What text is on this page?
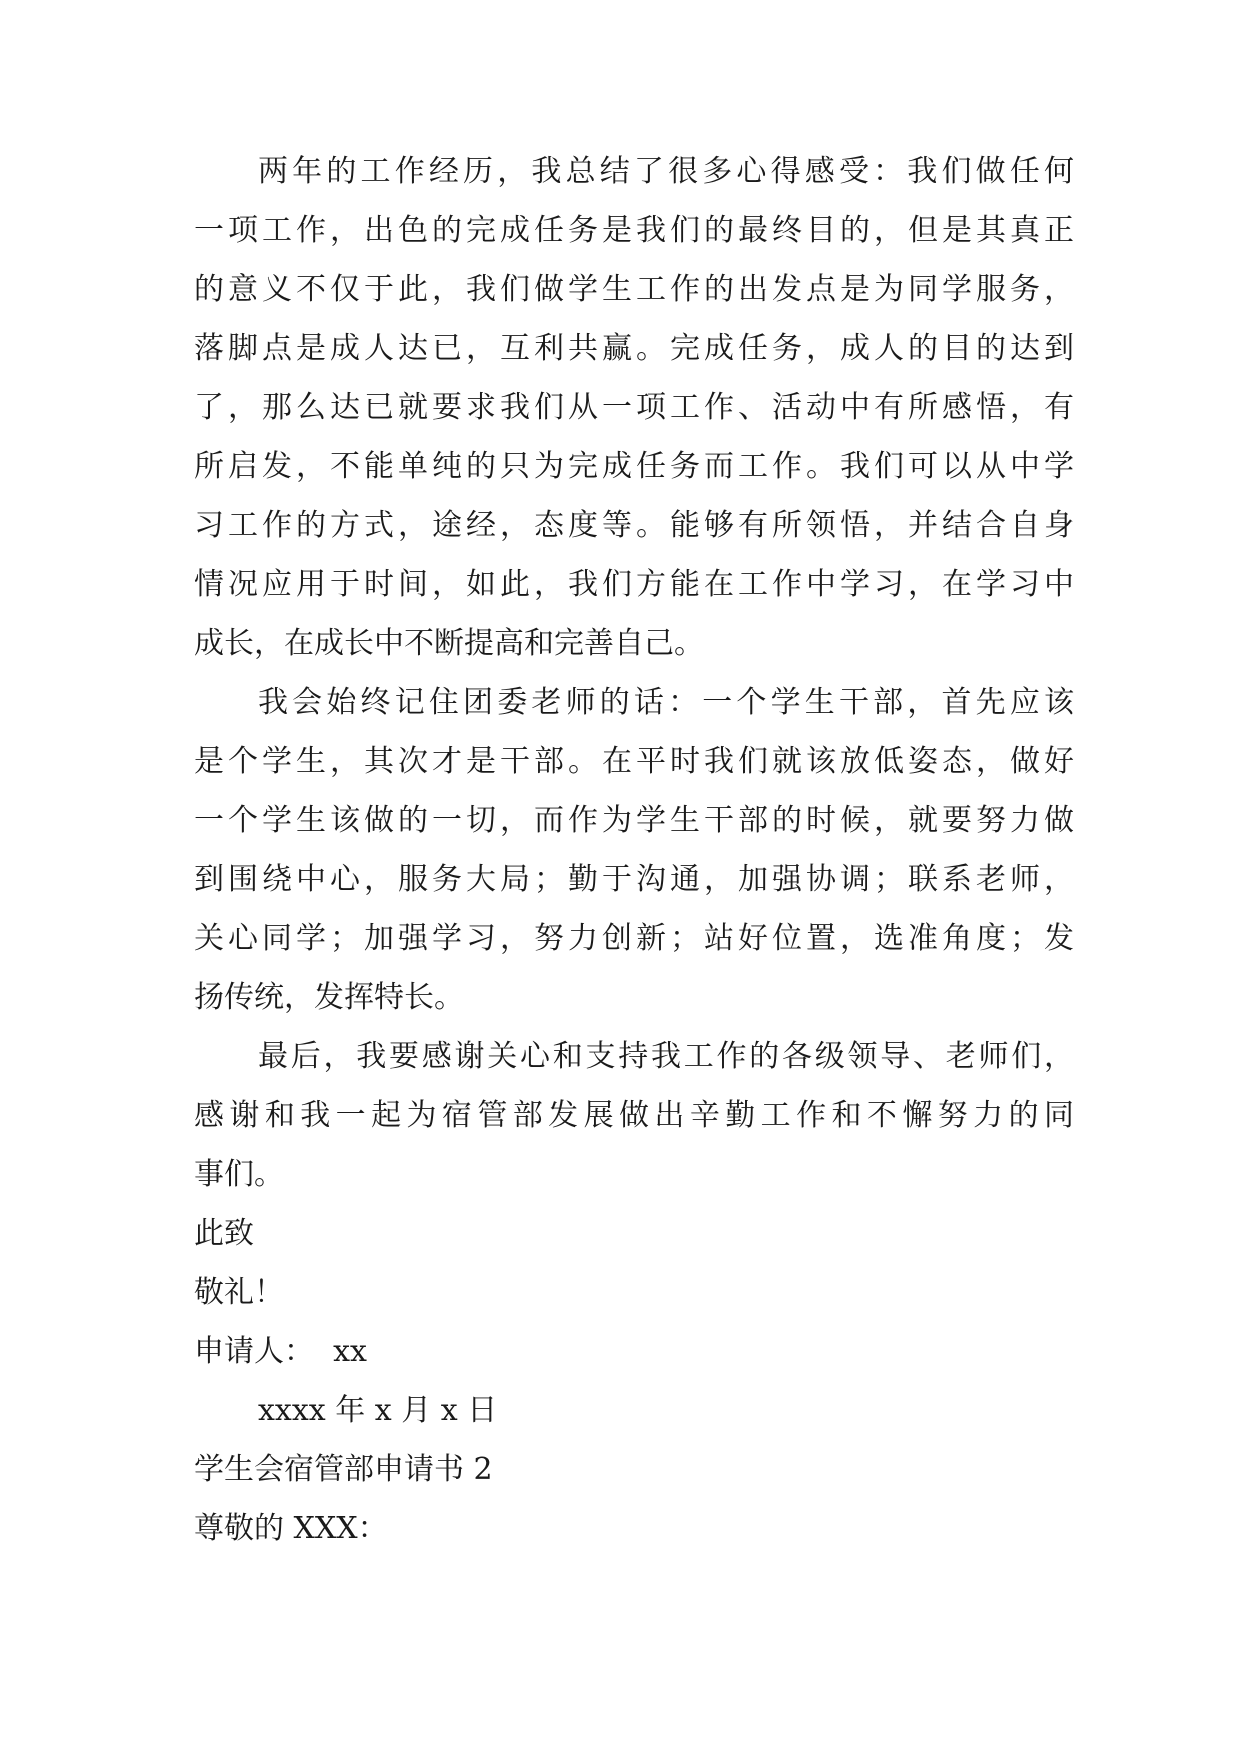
两年的工作经历，我总结了很多心得感受：我们做任何
一项工作，出色的完成任务是我们的最终目的，但是其真正
的意义不仅于此，我们做学生工作的出发点是为同学服务，
落脚点是成人达已，互利共赢。完成任务，成人的目的达到
了，那么达已就要求我们从一项工作、活动中有所感悟，有
所启发，不能单纯的只为完成任务而工作。我们可以从中学
习工作的方式，途经，态度等。能够有所领悟，并结合自身
情况应用于时间，如此，我们方能在工作中学习，在学习中
成长，在成长中不断提高和完善自己。
我会始终记住团委老师的话：一个学生干部，首先应该
是个学生，其次才是干部。在平时我们就该放低姿态，做好
一个学生该做的一切，而作为学生干部的时候，就要努力做
到围绕中心，服务大局；勤于沟通，加强协调；联系老师，
关心同学；加强学习，努力创新；站好位置，选准角度；发
扬传统，发挥特长。
最后，我要感谢关心和支持我工作的各级领导、老师们，
感谢和我一起为宿管部发展做出辛勤工作和不懈努力的同
事们。
此致
敬礼！
申请人：  xx
xxxx 年 x 月 x 日
学生会宿管部申请书 2
尊敬的 XXX：
